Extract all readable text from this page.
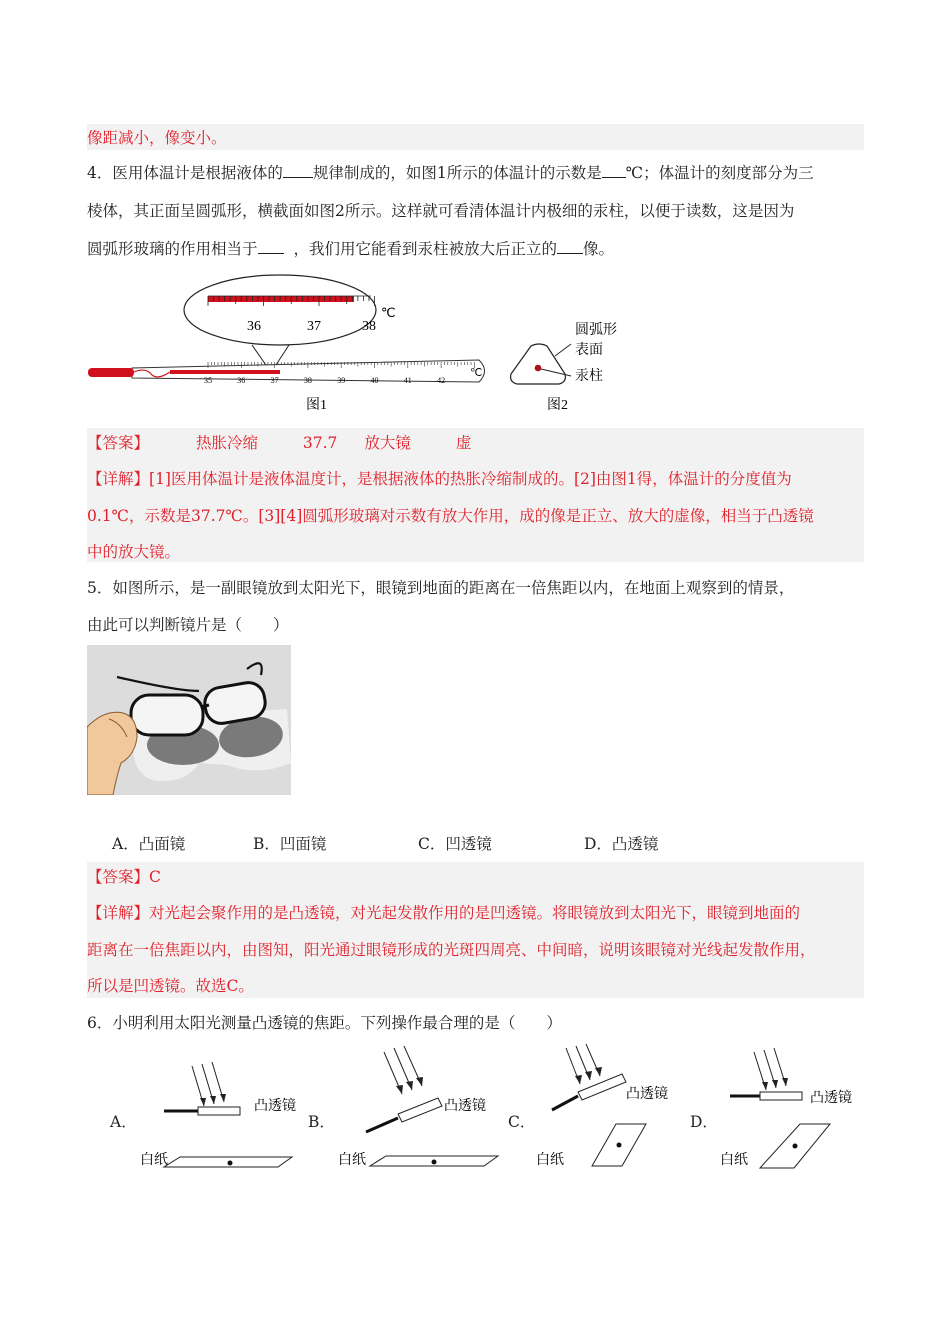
像距减小，像变小。
4．医用体温计是根据液体的 规律制成的，如图1所示的体温计的示数是 ℃；体温计的刻度部分为三
棱体，其正面呈圆弧形，横截面如图2所示。这样就可看清体温计内极细的汞柱，以便于读数，这是因为
圆弧形玻璃的作用相当于 ，我们用它能看到汞柱被放大后正立的 像。
36	37	38
℃
35	36	37	38	39	40	41	42
℃
图1
圆弧形
表面
汞柱
图2
【答案】	热胀冷缩	37.7 放大镜	虚
【详解】[1]医用体温计是液体温度计，是根据液体的热胀冷缩制成的。[2]由图1得，体温计的分度值为
0.1℃，示数是37.7℃。[3][4]圆弧形玻璃对示数有放大作用，成的像是正立、放大的虚像，相当于凸透镜
中的放大镜。
5．如图所示，是一副眼镜放到太阳光下，眼镜到地面的距离在一倍焦距以内，在地面上观察到的情景，
由此可以判断镜片是（　　）
A．凸面镜	B．凹面镜	C．凹透镜	D．凸透镜
【答案】C
【详解】对光起会聚作用的是凸透镜，对光起发散作用的是凹透镜。将眼镜放到太阳光下，眼镜到地面的
距离在一倍焦距以内，由图知，阳光通过眼镜形成的光斑四周亮、中间暗，说明该眼镜对光线起发散作用，
所以是凹透镜。故选C。
6．小明利用太阳光测量凸透镜的焦距。下列操作最合理的是（　　）
A．
凸透镜
白纸
B．
凸透镜
白纸
C．
凸透镜
白纸
D．
凸透镜
白纸
